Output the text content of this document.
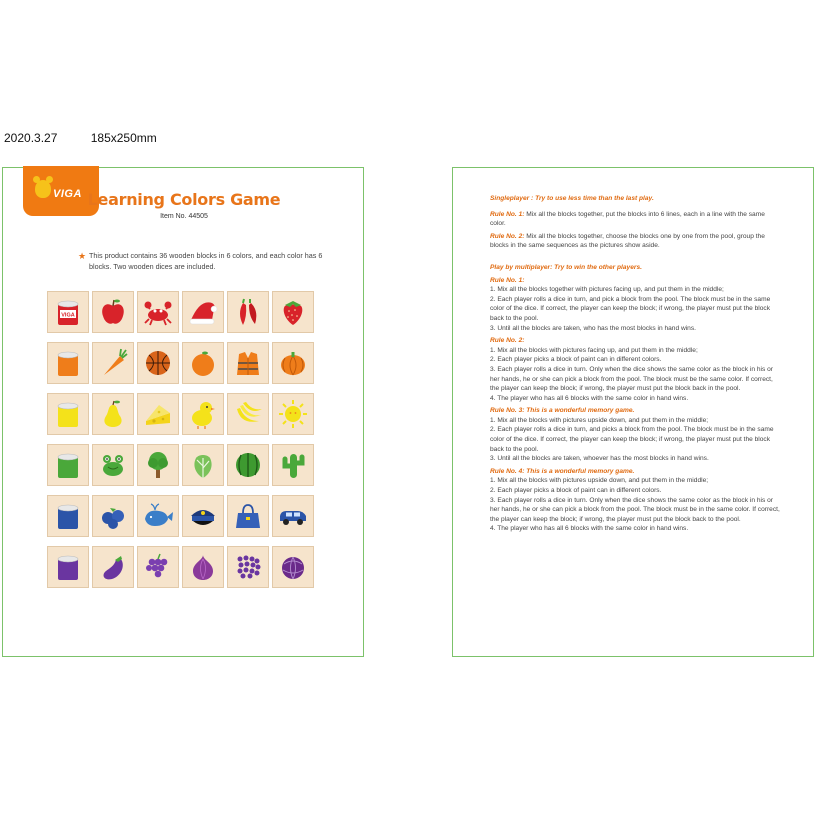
2020.3.27	185x250mm
VIGA Learning Colors Game
Item No. 44505
★ This product contains 36 wooden blocks in 6 colors, and each color has 6 blocks. Two wooden dices are included.
VIGA

Singleplayer : Try to use less time than the last play.

Rule No. 1: Mix all the blocks together, put the blocks into 6 lines, each in a line with the same color.

Rule No. 2: Mix all the blocks together, choose the blocks one by one from the pool, group the blocks in the same sequences as the pictures show aside.

Play by multiplayer: Try to win the other players.

Rule No. 1:

1. Mix all the blocks together with pictures facing up, and put them in the middle;

2. Each player rolls a dice in turn, and pick a block from the pool. The block must be in the same color of the dice. If correct, the player can keep the block; if wrong, the player must put the block back to the pool.

3. Until all the blocks are taken, who has the most blocks in hand wins.

Rule No. 2:

1. Mix all the blocks with pictures facing up, and put them in the middle;

2. Each player picks a block of paint can in different colors.

3. Each player rolls a dice in turn. Only when the dice shows the same color as the block in his or her hands, he or she can pick a block from the pool. The block must be the same color. If correct, the player can keep the block; if wrong, the player must put the block back in the pool.

4. The player who has all 6 blocks with the same color in hand wins.

Rule No. 3: This is a wonderful memory game.

1. Mix all the blocks with pictures upside down, and put them in the middle;

2. Each player rolls a dice in turn, and picks a block from the pool. The block must be in the same color of the dice. If correct, the player can keep the block; if wrong, the player must put the block back to the pool.

3. Until all the blocks are taken, whoever has the most blocks in hand wins.

Rule No. 4: This is a wonderful memory game.

1. Mix all the blocks with pictures upside down, and put them in the middle;

2. Each player picks a block of paint can in different colors.

3. Each player rolls a dice in turn. Only when the dice shows the same color as the block in his or her hands, he or she can pick a block from the pool. The block must be in the same color. If correct, the player can keep the block; if wrong, the player must put the block back to the pool.

4. The player who has all 6 blocks with the same color in hand wins.
